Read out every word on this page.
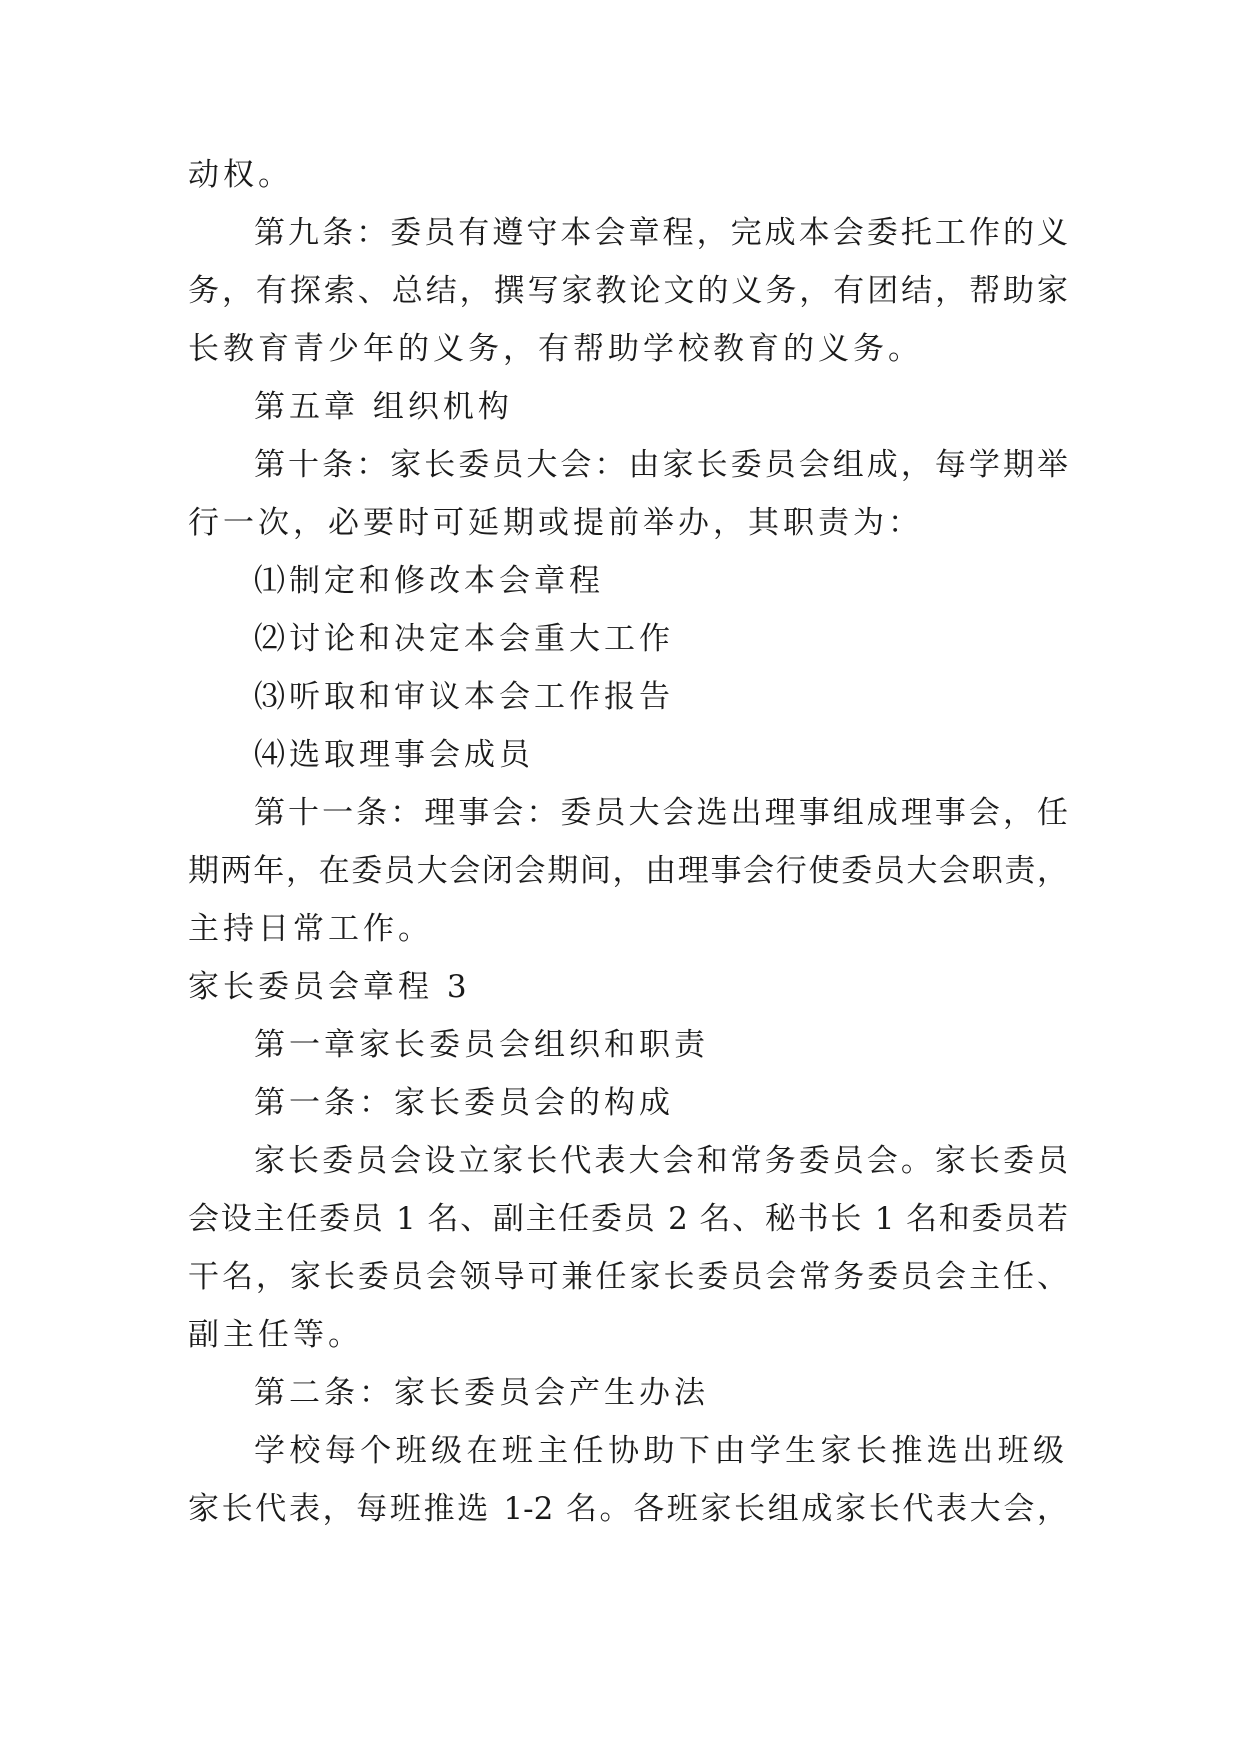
动权。
第九条：委员有遵守本会章程，完成本会委托工作的义
务，有探索、总结，撰写家教论文的义务，有团结，帮助家
长教育青少年的义务，有帮助学校教育的义务。
第五章 组织机构
第十条：家长委员大会：由家长委员会组成，每学期举
行一次，必要时可延期或提前举办，其职责为：
⑴制定和修改本会章程
⑵讨论和决定本会重大工作
⑶听取和审议本会工作报告
⑷选取理事会成员
第十一条：理事会：委员大会选出理事组成理事会，任
期两年，在委员大会闭会期间，由理事会行使委员大会职责，
主持日常工作。
家长委员会章程 3
第一章家长委员会组织和职责
第一条：家长委员会的构成
家长委员会设立家长代表大会和常务委员会。家长委员
会设主任委员 1 名、副主任委员 2 名、秘书长 1 名和委员若
干名，家长委员会领导可兼任家长委员会常务委员会主任、
副主任等。
第二条：家长委员会产生办法
学校每个班级在班主任协助下由学生家长推选出班级
家长代表，每班推选 1-2 名。各班家长组成家长代表大会，
